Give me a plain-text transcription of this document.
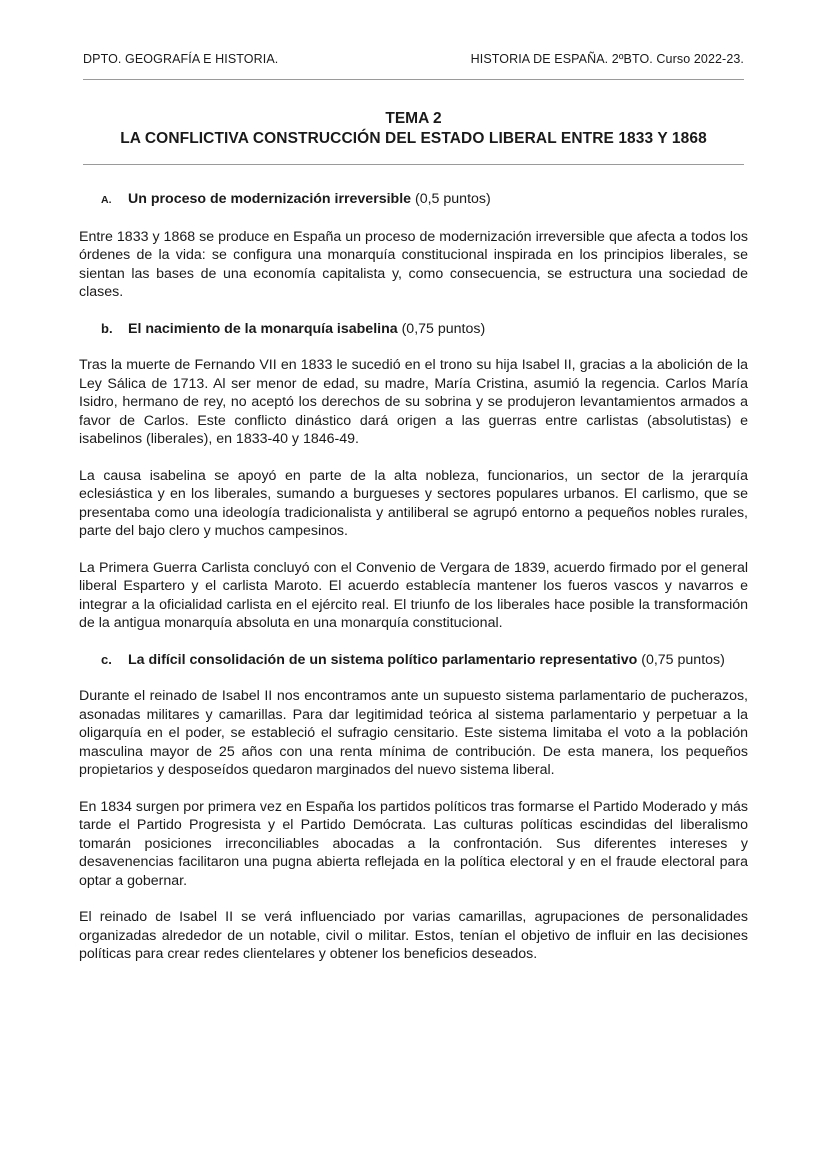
DPTO. GEOGRAFÍA E HISTORIA.	HISTORIA DE ESPAÑA. 2ºBTO. Curso 2022-23.
TEMA 2
LA CONFLICTIVA CONSTRUCCIÓN DEL ESTADO LIBERAL ENTRE 1833 Y 1868
A.	Un proceso de modernización irreversible (0,5 puntos)

Entre 1833 y 1868 se produce en España un proceso de modernización irreversible que afecta a todos los órdenes de la vida: se configura una monarquía constitucional inspirada en los principios liberales, se sientan las bases de una economía capitalista y, como consecuencia, se estructura una sociedad de clases.

b.	El nacimiento de la monarquía isabelina (0,75 puntos)

Tras la muerte de Fernando VII en 1833 le sucedió en el trono su hija Isabel II, gracias a la abolición de la Ley Sálica de 1713. Al ser menor de edad, su madre, María Cristina, asumió la regencia. Carlos María Isidro, hermano de rey, no aceptó los derechos de su sobrina y se produjeron levantamientos armados a favor de Carlos. Este conflicto dinástico dará origen a las guerras entre carlistas (absolutistas) e isabelinos (liberales), en 1833-40 y 1846-49.

La causa isabelina se apoyó en parte de la alta nobleza, funcionarios, un sector de la jerarquía eclesiástica y en los liberales, sumando a burgueses y sectores populares urbanos. El carlismo, que se presentaba como una ideología tradicionalista y antiliberal se agrupó entorno a pequeños nobles rurales, parte del bajo clero y muchos campesinos.

La Primera Guerra Carlista concluyó con el Convenio de Vergara de 1839, acuerdo firmado por el general liberal Espartero y el carlista Maroto. El acuerdo establecía mantener los fueros vascos y navarros e integrar a la oficialidad carlista en el ejército real. El triunfo de los liberales hace posible la transformación de la antigua monarquía absoluta en una monarquía constitucional.

c.	La difícil consolidación de un sistema político parlamentario representativo (0,75 puntos)

Durante el reinado de Isabel II nos encontramos ante un supuesto sistema parlamentario de pucherazos, asonadas militares y camarillas. Para dar legitimidad teórica al sistema parlamentario y perpetuar a la oligarquía en el poder, se estableció el sufragio censitario. Este sistema limitaba el voto a la población masculina mayor de 25 años con una renta mínima de contribución. De esta manera, los pequeños propietarios y desposeídos quedaron marginados del nuevo sistema liberal.

En 1834 surgen por primera vez en España los partidos políticos tras formarse el Partido Moderado y más tarde el Partido Progresista y el Partido Demócrata. Las culturas políticas escindidas del liberalismo tomarán posiciones irreconciliables abocadas a la confrontación. Sus diferentes intereses y desavenencias facilitaron una pugna abierta reflejada en la política electoral y en el fraude electoral para optar a gobernar.

El reinado de Isabel II se verá influenciado por varias camarillas, agrupaciones de personalidades organizadas alrededor de un notable, civil o militar. Estos, tenían el objetivo de influir en las decisiones políticas para crear redes clientelares y obtener los beneficios deseados.
